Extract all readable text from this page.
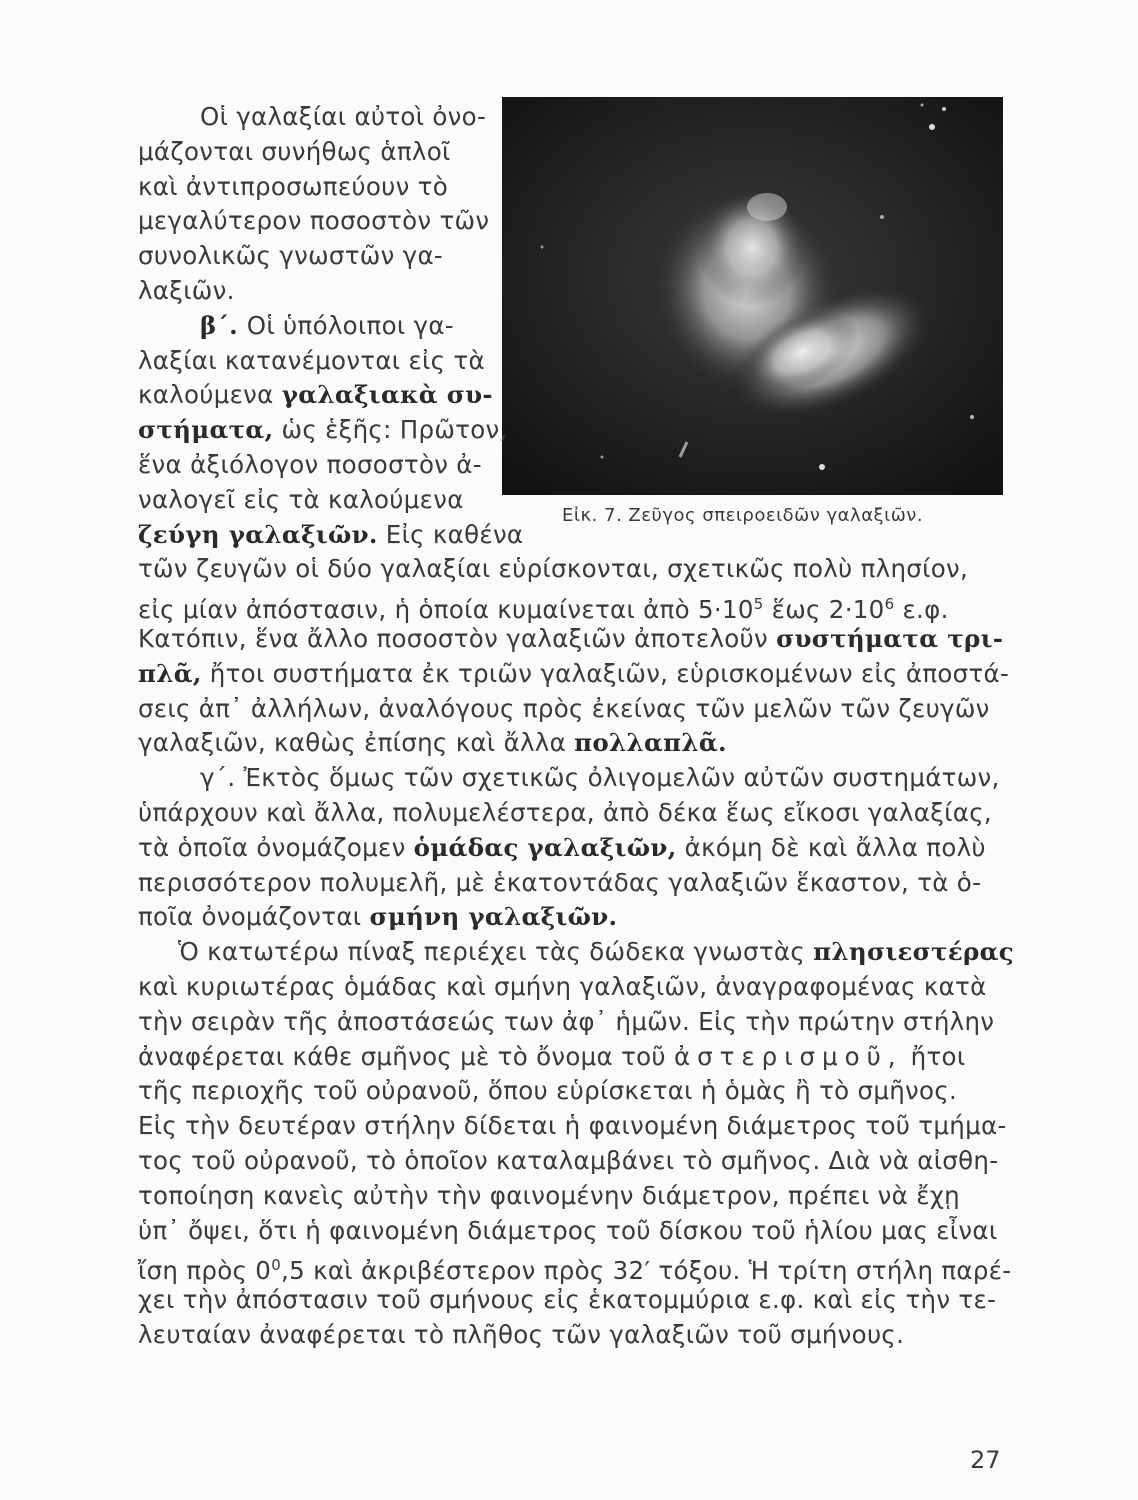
Εἰκ. 7. Ζεῦγος σπειροειδῶν γαλαξιῶν.
Οἱ γαλαξίαι αὐτοὶ ὀνο-
μάζονται συνήθως ἁπλοῖ
καὶ ἀντιπροσωπεύουν τὸ
μεγαλύτερον ποσοστὸν τῶν
συνολικῶς γνωστῶν γα-
λαξιῶν.
β΄. Οἱ ὑπόλοιποι γα-
λαξίαι κατανέμονται εἰς τὰ
καλούμενα γαλαξιακὰ συ-
στήματα, ὡς ἑξῆς: Πρῶτον,
ἕνα ἀξιόλογον ποσοστὸν ἀ-
ναλογεῖ εἰς τὰ καλούμενα
ζεύγη γαλαξιῶν. Εἰς καθένα
τῶν ζευγῶν οἱ δύο γαλαξίαι εὑρίσκονται, σχετικῶς πολὺ πλησίον,
εἰς μίαν ἀπόστασιν, ἡ ὁποία κυμαίνεται ἀπὸ $5\cdot 10^5$ ἕως $2\cdot 10^6$ ε.φ.
Κατόπιν, ἕνα ἄλλο ποσοστὸν γαλαξιῶν ἀποτελοῦν συστήματα τρι-
πλᾶ, ἤτοι συστήματα ἐκ τριῶν γαλαξιῶν, εὑρισκομένων εἰς ἀποστά-
σεις ἀπ᾽ ἀλλήλων, ἀναλόγους πρὸς ἐκείνας τῶν μελῶν τῶν ζευγῶν
γαλαξιῶν, καθὼς ἐπίσης καὶ ἄλλα πολλαπλᾶ.
γ΄. Ἐκτὸς ὅμως τῶν σχετικῶς ὀλιγομελῶν αὐτῶν συστημάτων,
ὑπάρχουν καὶ ἄλλα, πολυμελέστερα, ἀπὸ δέκα ἕως εἴκοσι γαλαξίας,
τὰ ὁποῖα ὀνομάζομεν ὁμάδας γαλαξιῶν, ἀκόμη δὲ καὶ ἄλλα πολὺ
περισσότερον πολυμελῆ, μὲ ἑκατοντάδας γαλαξιῶν ἕκαστον, τὰ ὁ-
ποῖα ὀνομάζονται σμήνη γαλαξιῶν.
Ὁ κατωτέρω πίναξ περιέχει τὰς δώδεκα γνωστὰς πλησιεστέρας
καὶ κυριωτέρας ὁμάδας καὶ σμήνη γαλαξιῶν, ἀναγραφομένας κατὰ
τὴν σειρὰν τῆς ἀποστάσεώς των ἀφ᾽ ἡμῶν. Εἰς τὴν πρώτην στήλην
ἀναφέρεται κάθε σμῆνος μὲ τὸ ὄνομα τοῦ ἀστερισμοῦ, ἤτοι
τῆς περιοχῆς τοῦ οὐρανοῦ, ὅπου εὑρίσκεται ἡ ὁμὰς ἢ τὸ σμῆνος.
Εἰς τὴν δευτέραν στήλην δίδεται ἡ φαινομένη διάμετρος τοῦ τμήμα-
τος τοῦ οὐρανοῦ, τὸ ὁποῖον καταλαμβάνει τὸ σμῆνος. Διὰ νὰ αἰσθη-
τοποίηση κανεὶς αὐτὴν τὴν φαινομένην διάμετρον, πρέπει νὰ ἔχῃ
ὑπ᾽ ὄψει, ὅτι ἡ φαινομένη διάμετρος τοῦ δίσκου τοῦ ἡλίου μας εἶναι
ἴση πρὸς $0^0,5$ καὶ ἀκριβέστερον πρὸς 32′ τόξου. Ἡ τρίτη στήλη παρέ-
χει τὴν ἀπόστασιν τοῦ σμήνους εἰς ἑκατομμύρια ε.φ. καὶ εἰς τὴν τε-
λευταίαν ἀναφέρεται τὸ πλῆθος τῶν γαλαξιῶν τοῦ σμήνους.
27
